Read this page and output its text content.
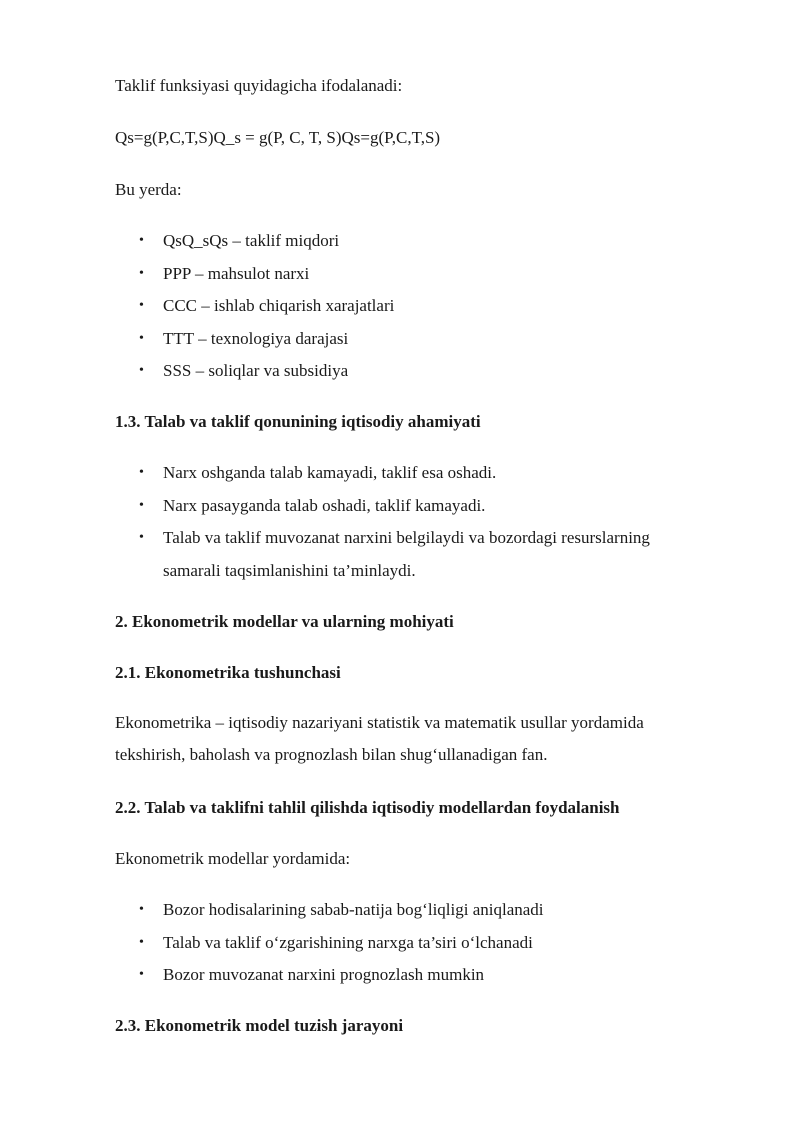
Taklif funksiyasi quyidagicha ifodalanadi:
Qs=g(P,C,T,S)Q_s = g(P, C, T, S)Qs=g(P,C,T,S)
Bu yerda:
• QsQ_sQs – taklif miqdori
• PPP – mahsulot narxi
• CCC – ishlab chiqarish xarajatlari
• TTT – texnologiya darajasi
• SSS – soliqlar va subsidiya
1.3. Talab va taklif qonunining iqtisodiy ahamiyati
• Narx oshganda talab kamayadi, taklif esa oshadi.
• Narx pasayganda talab oshadi, taklif kamayadi.
• Talab va taklif muvozanat narxini belgilaydi va bozordagi resurslarning samarali taqsimlanishini ta’minlaydi.
2. Ekonometrik modellar va ularning mohiyati
2.1. Ekonometrika tushunchasi
Ekonometrika – iqtisodiy nazariyani statistik va matematik usullar yordamida tekshirish, baholash va prognozlash bilan shug‘ullanadigan fan.
2.2. Talab va taklifni tahlil qilishda iqtisodiy modellardan foydalanish
Ekonometrik modellar yordamida:
• Bozor hodisalarining sabab-natija bog‘liqligi aniqlanadi
• Talab va taklif o‘zgarishining narxga ta’siri o‘lchanadi
• Bozor muvozanat narxini prognozlash mumkin
2.3. Ekonometrik model tuzish jarayoni
